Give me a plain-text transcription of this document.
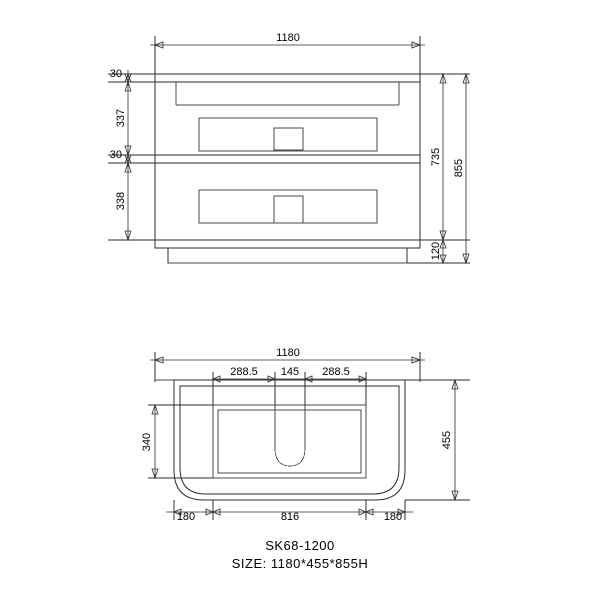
1180
30
337
30
338
120
735
855
1180
288.5 145 288.5
340	455
180	816	180
SK68-1200
SIZE: 1180*455*855H
